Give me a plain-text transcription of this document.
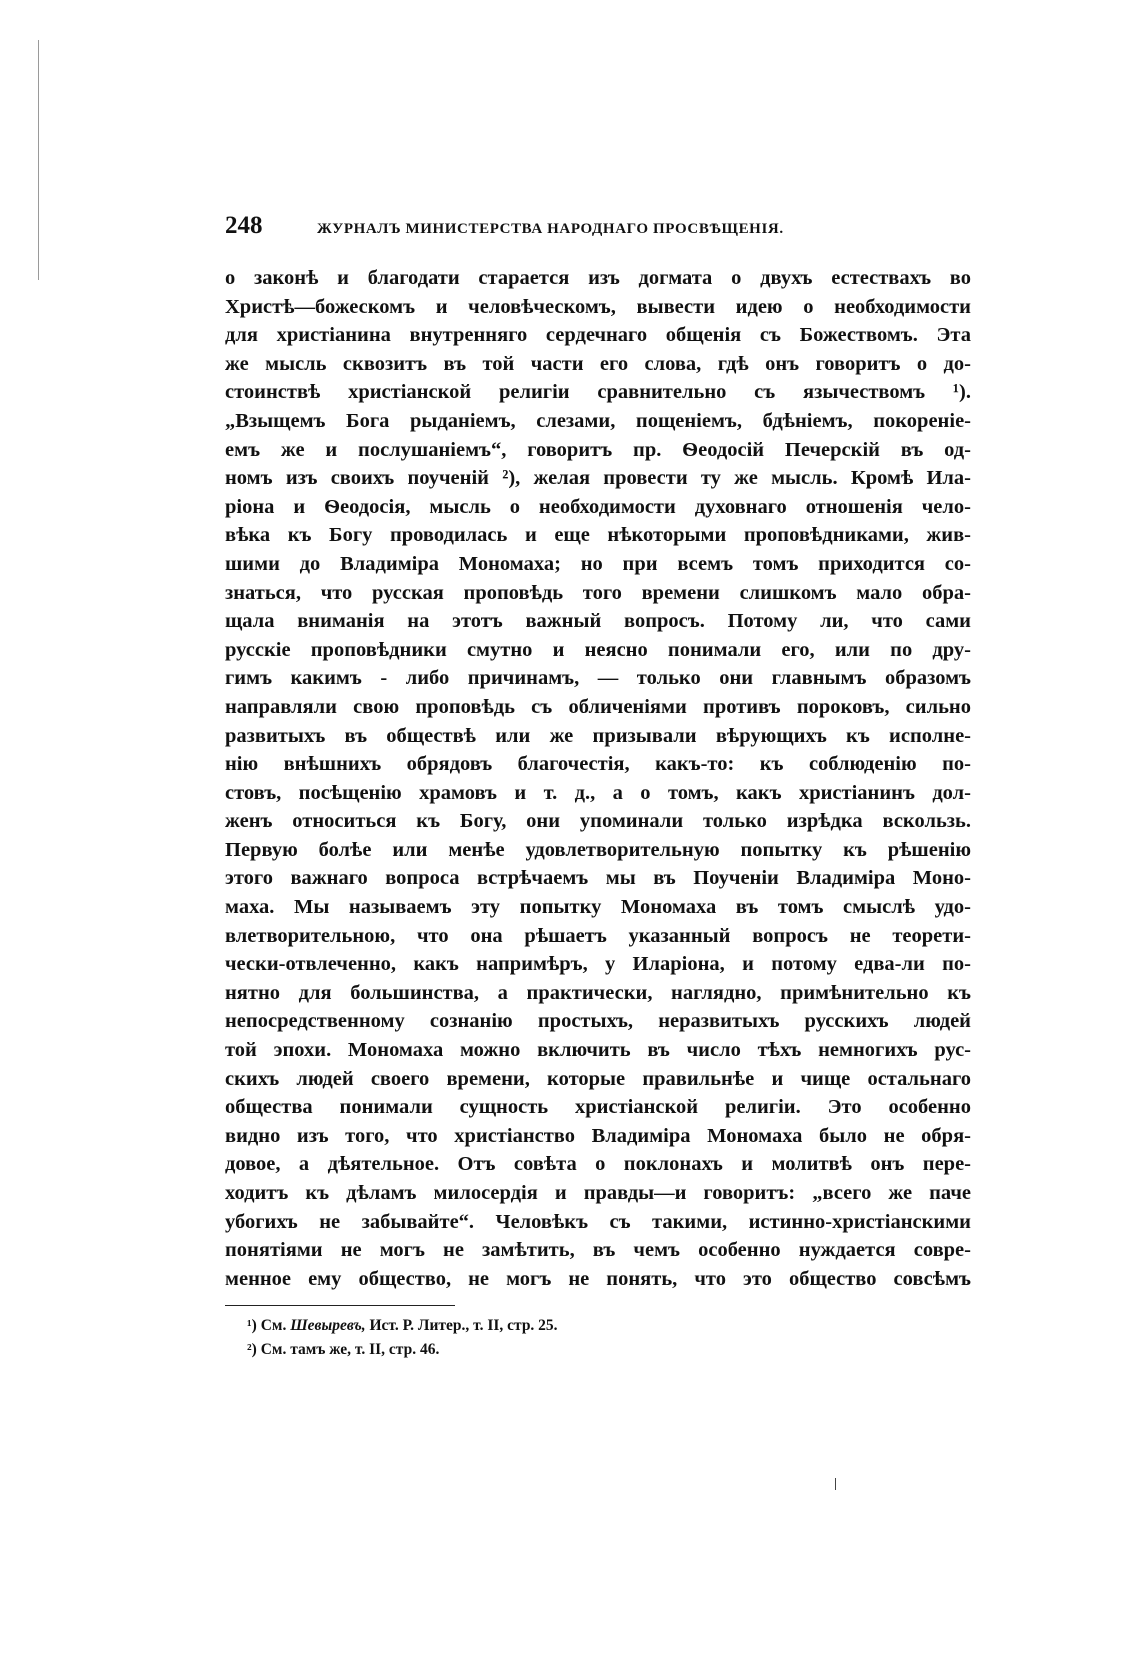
248	ЖУРНАЛЪ МИНИСТЕРСТВА НАРОДНАГО ПРОСВѢЩЕНІЯ.
о законѣ и благодати старается изъ догмата о двухъ естествахъ во
Христѣ—божескомъ и человѣческомъ, вывести идею о необходимости
для христіанина внутренняго сердечнаго общенія съ Божествомъ. Эта
же мысль сквозитъ въ той части его слова, гдѣ онъ говоритъ о до-
стоинствѣ христіанской религіи сравнительно съ язычествомъ ¹).
„Взыщемъ Бога рыданіемъ, слезами, пощеніемъ, бдѣніемъ, покореніе-
емъ же и послушаніемъ“, говоритъ пр. Ѳеодосій Печерскій въ од-
номъ изъ своихъ поученій ²), желая провести ту же мысль. Кромѣ Ила-
ріона и Ѳеодосія, мысль о необходимости духовнаго отношенія чело-
вѣка къ Богу проводилась и еще нѣкоторыми проповѣдниками, жив-
шими до Владиміра Мономаха; но при всемъ томъ приходится со-
знаться, что русская проповѣдь того времени слишкомъ мало обра-
щала вниманія на этотъ важный вопросъ. Потому ли, что сами
русскіе проповѣдники смутно и неясно понимали его, или по дру-
гимъ какимъ - либо причинамъ, — только они главнымъ образомъ
направляли свою проповѣдь съ обличеніями противъ пороковъ, сильно
развитыхъ въ обществѣ или же призывали вѣрующихъ къ исполне-
нію внѣшнихъ обрядовъ благочестія, какъ-то: къ соблюденію по-
стовъ, посѣщенію храмовъ и т. д., а о томъ, какъ христіанинъ дол-
женъ относиться къ Богу, они упоминали только изрѣдка вскользь.
Первую болѣе или менѣе удовлетворительную попытку къ рѣшенію
этого важнаго вопроса встрѣчаемъ мы въ Поученіи Владиміра Моно-
маха. Мы называемъ эту попытку Мономаха въ томъ смыслѣ удо-
влетворительною, что она рѣшаетъ указанный вопросъ не теорети-
чески-отвлеченно, какъ напримѣръ, у Иларіона, и потому едва-ли по-
нятно для большинства, а практически, наглядно, примѣнительно къ
непосредственному сознанію простыхъ, неразвитыхъ русскихъ людей
той эпохи. Мономаха можно включить въ число тѣхъ немногихъ рус-
скихъ людей своего времени, которые правильнѣе и чище остальнаго
общества понимали сущность христіанской религіи. Это особенно
видно изъ того, что христіанство Владиміра Мономаха было не обря-
довое, а дѣятельное. Отъ совѣта о поклонахъ и молитвѣ онъ пере-
ходитъ къ дѣламъ милосердія и правды—и говоритъ: „всего же паче
убогихъ не забывайте“. Человѣкъ съ такими, истинно-христіанскими
понятіями не могъ не замѣтить, въ чемъ особенно нуждается совре-
менное ему общество, не могъ не понять, что это общество совсѣмъ
¹) См. Шевыревъ, Ист. Р. Литер., т. II, стр. 25.
²) См. тамъ же, т. II, стр. 46.
